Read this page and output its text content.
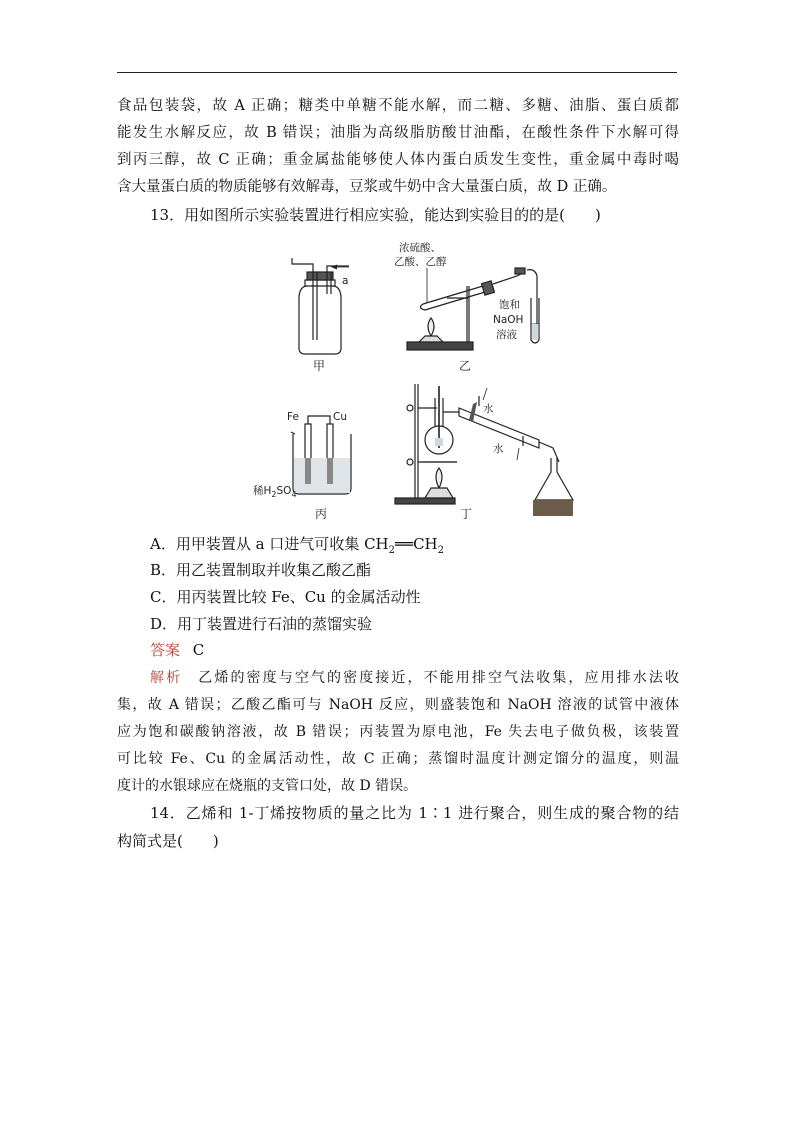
食品包装袋，故 A 正确；糖类中单糖不能水解，而二糖、多糖、油脂、蛋白质都
能发生水解反应，故 B 错误；油脂为高级脂肪酸甘油酯，在酸性条件下水解可得
到丙三醇，故 C 正确；重金属盐能够使人体内蛋白质发生变性，重金属中毒时喝
含大量蛋白质的物质能够有效解毒，豆浆或牛奶中含大量蛋白质，故 D 正确。
13．用如图所示实验装置进行相应实验，能达到实验目的的是(　　)
a
甲
浓硫酸、
乙酸、乙醇
饱和
NaOH
溶液
乙
Fe	Cu
稀$H_2SO_4$
丙
水
水
丁
A．用甲装置从 a 口进气可收集 $CH_2══CH_2$
B．用乙装置制取并收集乙酸乙酯
C．用丙装置比较 Fe、Cu 的金属活动性
D．用丁装置进行石油的蒸馏实验
答案 C
解析　 乙烯的密度与空气的密度接近，不能用排空气法收集，应用排水法收
集，故 A 错误；乙酸乙酯可与 NaOH 反应，则盛装饱和 NaOH 溶液的试管中液体
应为饱和碳酸钠溶液，故 B 错误；丙装置为原电池，Fe 失去电子做负极，该装置
可比较 Fe、Cu 的金属活动性，故 C 正确；蒸馏时温度计测定馏分的温度，则温
度计的水银球应在烧瓶的支管口处，故 D 错误。
14．乙烯和 1-丁烯按物质的量之比为 1∶1 进行聚合，则生成的聚合物的结
构简式是(　　)
